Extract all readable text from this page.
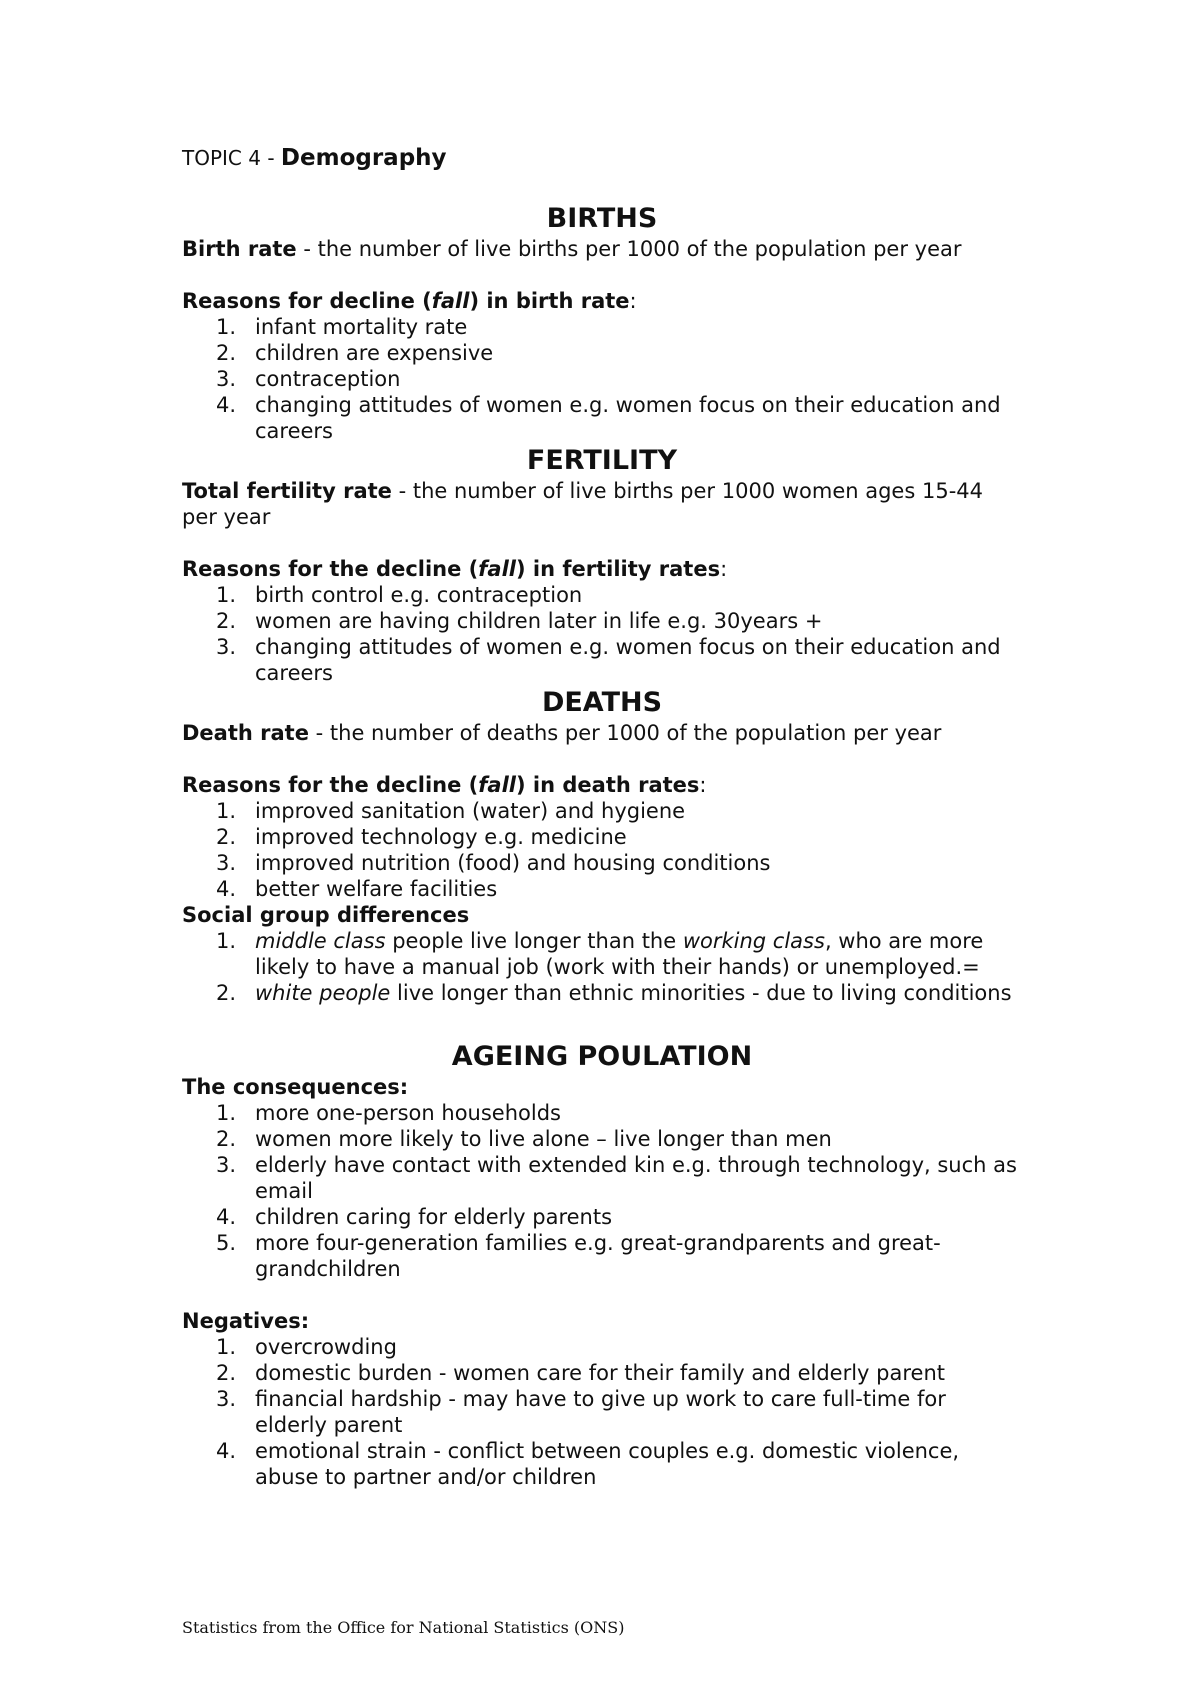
TOPIC 4 - Demography

BIRTHS

Birth rate - the number of live births per 1000 of the population per year

Reasons for decline (fall) in birth rate:

1. infant mortality rate
2. children are expensive
3. contraception
4. changing attitudes of women e.g. women focus on their education and careers
FERTILITY

Total fertility rate - the number of live births per 1000 women ages 15-44 per year

Reasons for the decline (fall) in fertility rates:

1. birth control e.g. contraception
2. women are having children later in life e.g. 30years +
3. changing attitudes of women e.g. women focus on their education and careers
DEATHS

Death rate - the number of deaths per 1000 of the population per year

Reasons for the decline (fall) in death rates:

1. improved sanitation (water) and hygiene
2. improved technology e.g. medicine
3. improved nutrition (food) and housing conditions
4. better welfare facilities

Social group differences

1. middle class people live longer than the working class, who are more likely to have a manual job (work with their hands) or unemployed.=
2. white people live longer than ethnic minorities - due to living conditions
AGEING POULATION

The consequences:

1. more one-person households
2. women more likely to live alone – live longer than men
3. elderly have contact with extended kin e.g. through technology, such as email
4. children caring for elderly parents
5. more four-generation families e.g. great-grandparents and great-grandchildren

Negatives:

1. overcrowding
2. domestic burden - women care for their family and elderly parent
3. financial hardship - may have to give up work to care full-time for elderly parent
4. emotional strain - conflict between couples e.g. domestic violence, abuse to partner and/or children
Statistics from the Office for National Statistics (ONS)
